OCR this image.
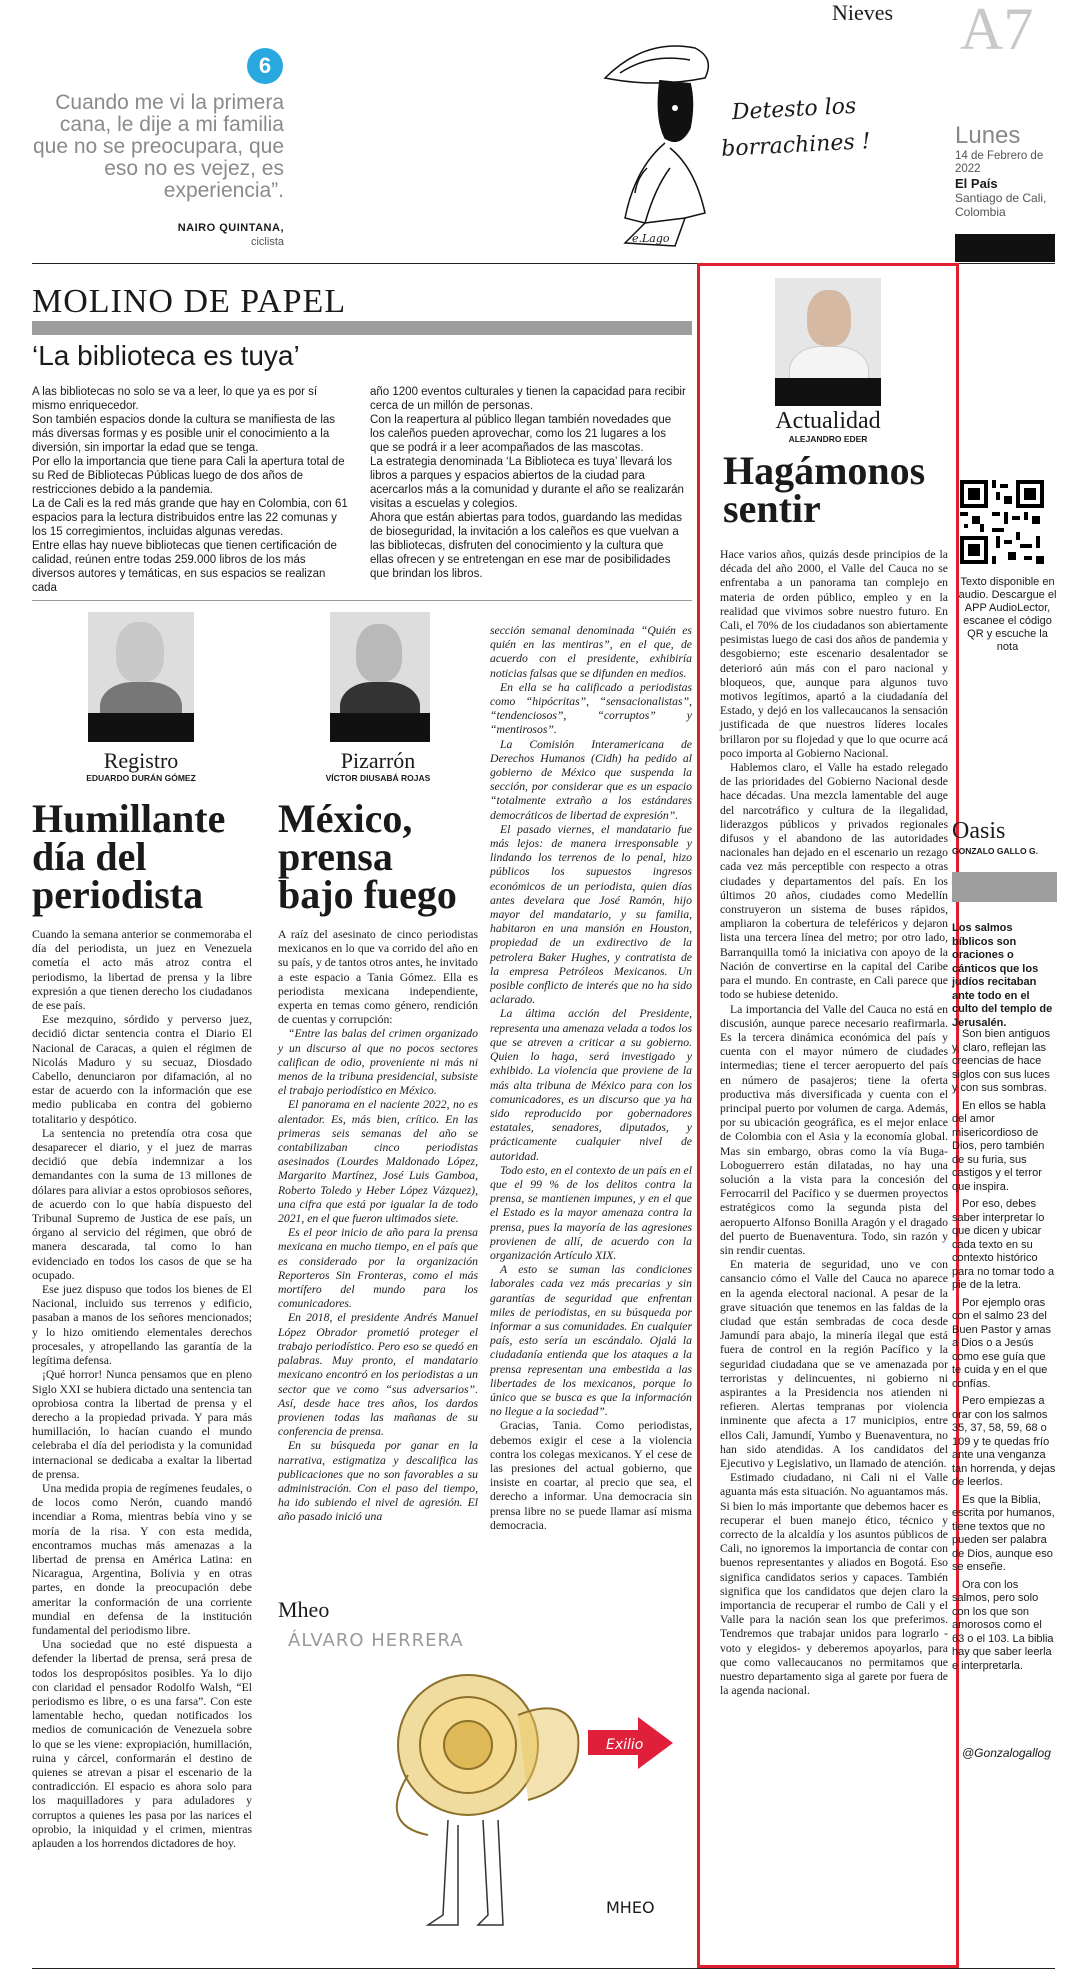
6
Cuando me vi la primera cana, le dije a mi familia que no se preocupara, que eso no es vejez, es experiencia”.
NAIRO QUINTANA,
ciclista
Detesto los borrachines !
e.Lago
Nieves A7
Lunes
14 de Febrero de 2022
El País
Santiago de Cali, Colombia
MOLINO DE PAPEL
‘La biblioteca es tuya’

A las bibliotecas no solo se va a leer, lo que ya es por sí mismo enriquecedor.

Son también espacios donde la cultura se manifiesta de las más diversas formas y es posible unir el conocimiento a la diversión, sin importar la edad que se tenga.

Por ello la importancia que tiene para Cali la apertura total de su Red de Bibliotecas Públicas luego de dos años de restricciones debido a la pandemia.

La de Cali es la red más grande que hay en Colombia, con 61 espacios para la lectura distribuidos entre las 22 comunas y los 15 corregimientos, incluidas algunas veredas.

Entre ellas hay nueve bibliotecas que tienen certificación de calidad, reúnen entre todas 259.000 libros de los más diversos autores y temáticas, en sus espacios se realizan cada

año 1200 eventos culturales y tienen la capacidad para recibir cerca de un millón de personas.

Con la reapertura al público llegan también novedades que los caleños pueden aprovechar, como los 21 lugares a los que se podrá ir a leer acompañados de las mascotas.

La estrategia denominada ‘La Biblioteca es tuya’ llevará los libros a parques y espacios abiertos de la ciudad para acercarlos más a la comunidad y durante el año se realizarán visitas a escuelas y colegios.

Ahora que están abiertas para todos, guardando las medidas de bioseguridad, la invitación a los caleños es que vuelvan a las bibliotecas, disfruten del conocimiento y la cultura que ellas ofrecen y se entretengan en ese mar de posibilidades que brindan los libros.

Registro
EDUARDO DURÁN GÓMEZ
Humillante día del periodista

Cuando la semana anterior se conmemoraba el día del periodista, un juez en Venezuela cometía el acto más atroz contra el periodismo, la libertad de prensa y la libre expresión a que tienen derecho los ciudadanos de ese país.

Ese mezquino, sórdido y perverso juez, decidió dictar sentencia contra el Diario El Nacional de Caracas, a quien el régimen de Nicolás Maduro y su secuaz, Diosdado Cabello, denunciaron por difamación, al no estar de acuerdo con la información que ese medio publicaba en contra del gobierno totalitario y despótico.

La sentencia no pretendía otra cosa que desaparecer el diario, y el juez de marras decidió que debía indemnizar a los demandantes con la suma de 13 millones de dólares para aliviar a estos oprobiosos señores, de acuerdo con lo que había dispuesto del Tribunal Supremo de Justica de ese país, un órgano al servicio del régimen, que obró de manera descarada, tal como lo han evidenciado en todos los casos de que se ha ocupado.

Ese juez dispuso que todos los bienes de El Nacional, incluido sus terrenos y edificio, pasaban a manos de los señores mencionados; y lo hizo omitiendo elementales derechos procesales, y atropellando las garantía de la legítima defensa.

¡Qué horror! Nunca pensamos que en pleno Siglo XXI se hubiera dictado una sentencia tan oprobiosa contra la libertad de prensa y el derecho a la propiedad privada. Y para más humillación, lo hacían cuando el mundo celebraba el día del periodista y la comunidad internacional se dedicaba a exaltar la libertad de prensa.

Una medida propia de regímenes feudales, o de locos como Nerón, cuando mandó incendiar a Roma, mientras bebía vino y se moría de la risa. Y con esta medida, encontramos muchas más amenazas a la libertad de prensa en América Latina: en Nicaragua, Argentina, Bolivia y en otras partes, en donde la preocupación debe ameritar la conformación de una corriente mundial en defensa de la institución fundamental del periodismo libre.

Una sociedad que no esté dispuesta a defender la libertad de prensa, será presa de todos los despropósitos posibles. Ya lo dijo con claridad el pensador Rodolfo Walsh, “El periodismo es libre, o es una farsa”. Con este lamentable hecho, quedan notificados los medios de comunicación de Venezuela sobre lo que se les viene: expropiación, humillación, ruina y cárcel, conformarán el destino de quienes se atrevan a pisar el escenario de la contradicción. El espacio es ahora solo para los maquilladores y para aduladores y corruptos a quienes les pasa por las narices el oprobio, la iniquidad y el crimen, mientras aplauden a los horrendos dictadores de hoy.

Pizarrón
VÍCTOR DIUSABÁ ROJAS
México, prensa bajo fuego

A raíz del asesinato de cinco periodistas mexicanos en lo que va corrido del año en su país, y de tantos otros antes, he invitado a este espacio a Tania Gómez. Ella es periodista mexicana independiente, experta en temas como género, rendición de cuentas y corrupción:

“Entre las balas del crimen organizado y un discurso al que no pocos sectores califican de odio, proveniente ni más ni menos de la tribuna presidencial, subsiste el trabajo periodístico en México.

El panorama en el naciente 2022, no es alentador. Es, más bien, crítico. En las primeras seis semanas del año se contabilizaban cinco periodistas asesinados (Lourdes Maldonado López, Margarito Martínez, José Luis Gamboa, Roberto Toledo y Heber López Vázquez), una cifra que está por igualar la de todo 2021, en el que fueron ultimados siete.

Es el peor inicio de año para la prensa mexicana en mucho tiempo, en el país que es considerado por la organización Reporteros Sin Fronteras, como el más mortífero del mundo para los comunicadores.

En 2018, el presidente Andrés Manuel López Obrador prometió proteger el trabajo periodístico. Pero eso se quedó en palabras. Muy pronto, el mandatario mexicano encontró en los periodistas a un sector que ve como “sus adversarios”. Así, desde hace tres años, los dardos provienen todas las mañanas de su conferencia de prensa.

En su búsqueda por ganar en la narrativa, estigmatiza y descalifica las publicaciones que no son favorables a su administración. Con el paso del tiempo, ha ido subiendo el nivel de agresión. El año pasado inició una

sección semanal denominada “Quién es quién en las mentiras”, en el que, de acuerdo con el presidente, exhibiría noticias falsas que se difunden en medios.

En ella se ha calificado a periodistas como “hipócritas”, “sensacionalistas”, “tendenciosos”, “corruptos” y “mentirosos”.

La Comisión Interamericana de Derechos Humanos (Cidh) ha pedido al gobierno de México que suspenda la sección, por considerar que es un espacio “totalmente extraño a los estándares democráticos de libertad de expresión”.

El pasado viernes, el mandatario fue más lejos: de manera irresponsable y lindando los terrenos de lo penal, hizo públicos los supuestos ingresos económicos de un periodista, quien días antes develara que José Ramón, hijo mayor del mandatario, y su familia, habitaron en una mansión en Houston, propiedad de un exdirectivo de la petrolera Baker Hughes, y contratista de la empresa Petróleos Mexicanos. Un posible conflicto de interés que no ha sido aclarado.

La última acción del Presidente, representa una amenaza velada a todos los que se atreven a criticar a su gobierno. Quien lo haga, será investigado y exhibido. La violencia que proviene de la más alta tribuna de México para con los comunicadores, es un discurso que ya ha sido reproducido por gobernadores estatales, senadores, diputados, y prácticamente cualquier nivel de autoridad.

Todo esto, en el contexto de un país en el que el 99 % de los delitos contra la prensa, se mantienen impunes, y en el que el Estado es la mayor amenaza contra la prensa, pues la mayoría de las agresiones provienen de allí, de acuerdo con la organización Artículo XIX.

A esto se suman las condiciones laborales cada vez más precarias y sin garantías de seguridad que enfrentan miles de periodistas, en su búsqueda por informar a sus comunidades. En cualquier país, esto sería un escándalo. Ojalá la ciudadanía entienda que los ataques a la prensa representan una embestida a las libertades de los mexicanos, porque lo único que se busca es que la información no llegue a la sociedad”.

Gracias, Tania. Como periodistas, debemos exigir el cese a la violencia contra los colegas mexicanos. Y el cese de las presiones del actual gobierno, que insiste en coartar, al precio que sea, el derecho a informar. Una democracia sin prensa libre no se puede llamar así misma democracia.

Mheo
ÁLVARO HERRERA
Exilio
MHEO
Actualidad
ALEJANDRO EDER
Hagámonos sentir

Hace varios años, quizás desde principios de la década del año 2000, el Valle del Cauca no se enfrentaba a un panorama tan complejo en materia de orden público, empleo y en la realidad que vivimos sobre nuestro futuro. En Cali, el 70% de los ciudadanos son abiertamente pesimistas luego de casi dos años de pandemia y desgobierno; este escenario desalentador se deterioró aún más con el paro nacional y bloqueos, que, aunque para algunos tuvo motivos legítimos, apartó a la ciudadanía del Estado, y dejó en los vallecaucanos la sensación justificada de que nuestros líderes locales brillaron por su flojedad y que lo que ocurre acá poco importa al Gobierno Nacional.

Hablemos claro, el Valle ha estado relegado de las prioridades del Gobierno Nacional desde hace décadas. Una mezcla lamentable del auge del narcotráfico y cultura de la ilegalidad, liderazgos públicos y privados regionales difusos y el abandono de las autoridades nacionales han dejado en el escenario un rezago cada vez más perceptible con respecto a otras ciudades y departamentos del país. En los últimos 20 años, ciudades como Medellín construyeron un sistema de buses rápidos, ampliaron la cobertura de teleféricos y dejaron lista una tercera línea del metro; por otro lado, Barranquilla tomó la iniciativa con apoyo de la Nación de convertirse en la capital del Caribe para el mundo. En contraste, en Cali parece que todo se hubiese detenido.

La importancia del Valle del Cauca no está en discusión, aunque parece necesario reafirmarla. Es la tercera dinámica económica del país y cuenta con el mayor número de ciudades intermedias; tiene el tercer aeropuerto del país en número de pasajeros; tiene la oferta productiva más diversificada y cuenta con el principal puerto por volumen de carga. Además, por su ubicación geográfica, es el mejor enlace de Colombia con el Asia y la economía global. Mas sin embargo, obras como la vía Buga- Loboguerrero están dilatadas, no hay una solución a la vista para la concesión del Ferrocarril del Pacífico y se duermen proyectos estratégicos como la segunda pista del aeropuerto Alfonso Bonilla Aragón y el dragado del puerto de Buenaventura. Todo, sin razón y sin rendir cuentas.

En materia de seguridad, uno ve con cansancio cómo el Valle del Cauca no aparece en la agenda electoral nacional. A pesar de la grave situación que tenemos en las faldas de la ciudad que están sembradas de coca desde Jamundí para abajo, la minería ilegal que está fuera de control en la región Pacífico y la seguridad ciudadana que se ve amenazada por terroristas y delincuentes, ni gobierno ni aspirantes a la Presidencia nos atienden ni refieren. Alertas tempranas por violencia inminente que afecta a 17 municipios, entre ellos Cali, Jamundí, Yumbo y Buenaventura, no han sido atendidas. A los candidatos del Ejecutivo y Legislativo, un llamado de atención.

Estimado ciudadano, ni Cali ni el Valle aguanta más esta situación. No aguantamos más. Si bien lo más importante que debemos hacer es recuperar el buen manejo ético, técnico y correcto de la alcaldía y los asuntos públicos de Cali, no ignoremos la importancia de contar con buenos representantes y aliados en Bogotá. Eso significa candidatos serios y capaces. También significa que los candidatos que dejen claro la importancia de recuperar el rumbo de Cali y el Valle para la nación sean los que preferimos. Tendremos que trabajar unidos para lograrlo -voto y elegidos- y deberemos apoyarlos, para que como vallecaucanos no permitamos que nuestro departamento siga al garete por fuera de la agenda nacional.

Texto disponible en audio. Descargue el APP AudioLector, escanee el código QR y escuche la nota
Oasis
GONZALO GALLO G.
Los salmos bíblicos son oraciones o cánticos que los judíos recitaban ante todo en el culto del templo de Jerusalén.

Son bien antiguos y, claro, reflejan las creencias de hace siglos con sus luces y con sus sombras.

En ellos se habla del amor misericordioso de Dios, pero también de su furia, sus castigos y el terror que inspira.

Por eso, debes saber interpretar lo que dicen y ubicar cada texto en su contexto histórico para no tomar todo a pie de la letra.

Por ejemplo oras con el salmo 23 del Buen Pastor y amas a Dios o a Jesús como ese guía que te cuida y en el que confías.

Pero empiezas a orar con los salmos 35, 37, 58, 59, 68 o 109 y te quedas frío ante una venganza tan horrenda, y dejas de leerlos.

Es que la Biblia, escrita por humanos, tiene textos que no pueden ser palabra de Dios, aunque eso se enseñe.

Ora con los salmos, pero solo con los que son amorosos como el 63 o el 103. La biblia hay que saber leerla e interpretarla.

@Gonzalogallog
